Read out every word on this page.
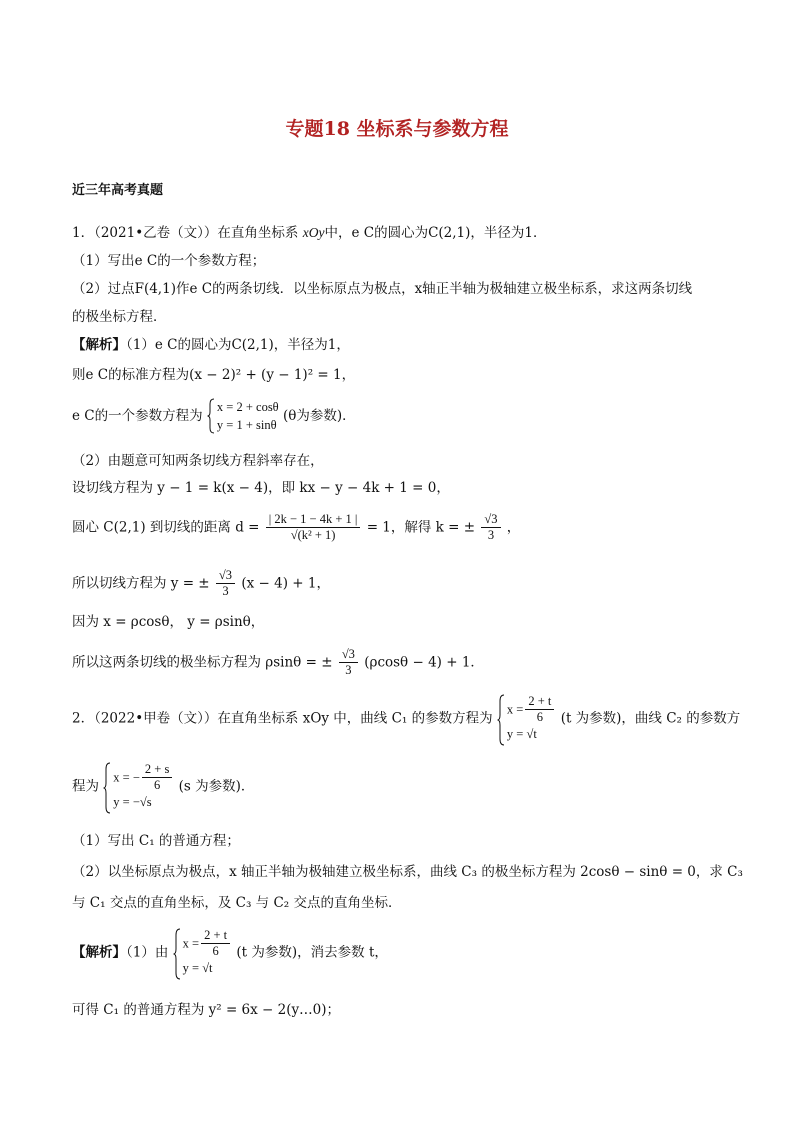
专题18 坐标系与参数方程
近三年高考真题
1．（2021•乙卷（文））在直角坐标系 xOy中，e C的圆心为C(2,1)，半径为1．
（1）写出e C的一个参数方程；
（2）过点F(4,1)作e C的两条切线．以坐标原点为极点，x轴正半轴为极轴建立极坐标系，求这两条切线
的极坐标方程．
【解析】（1）e C的圆心为C(2,1)，半径为1，
则e C的标准方程为(x − 2)² + (y − 1)² = 1，
e C的一个参数方程为
x = 2 + cosθ
y = 1 + sinθ
(θ为参数)．
（2）由题意可知两条切线方程斜率存在，
设切线方程为 y − 1 = k(x − 4)，即 kx − y − 4k + 1 = 0，
圆心 C(2,1) 到切线的距离 $d = \frac{| 2k - 1 - 4k + 1 |}{\text{√(k² + 1)}} = 1$，解得 k = ± $\frac{√3}{3}$ ，
所以切线方程为 y = ± $\frac{√3}{3} (x - 4) + 1$，
因为 x = ρcosθ， y = ρsinθ，
所以这两条切线的极坐标方程为 ρsinθ = ± $\frac{√3}{3} (\rho\cos\theta - 4) + 1$．
2．（2022•甲卷（文））在直角坐标系 xOy 中，曲线 C₁ 的参数方程为
$x = \frac{2 + t}{6}$
y = √t
(t 为参数)，曲线 C₂ 的参数方
程为
x = − $\frac{2 + s}{6}$
y = −√s
(s 为参数)．
（1）写出 C₁ 的普通方程；
（2）以坐标原点为极点，x 轴正半轴为极轴建立极坐标系，曲线 C₃ 的极坐标方程为 2cosθ − sinθ = 0，求 C₃
与 C₁ 交点的直角坐标，及 C₃ 与 C₂ 交点的直角坐标．
【解析】（1）由
$x = \frac{2 + t}{6}$
y = √t
(t 为参数)，消去参数 t，
可得 C₁ 的普通方程为 y² = 6x − 2(y…0)；
